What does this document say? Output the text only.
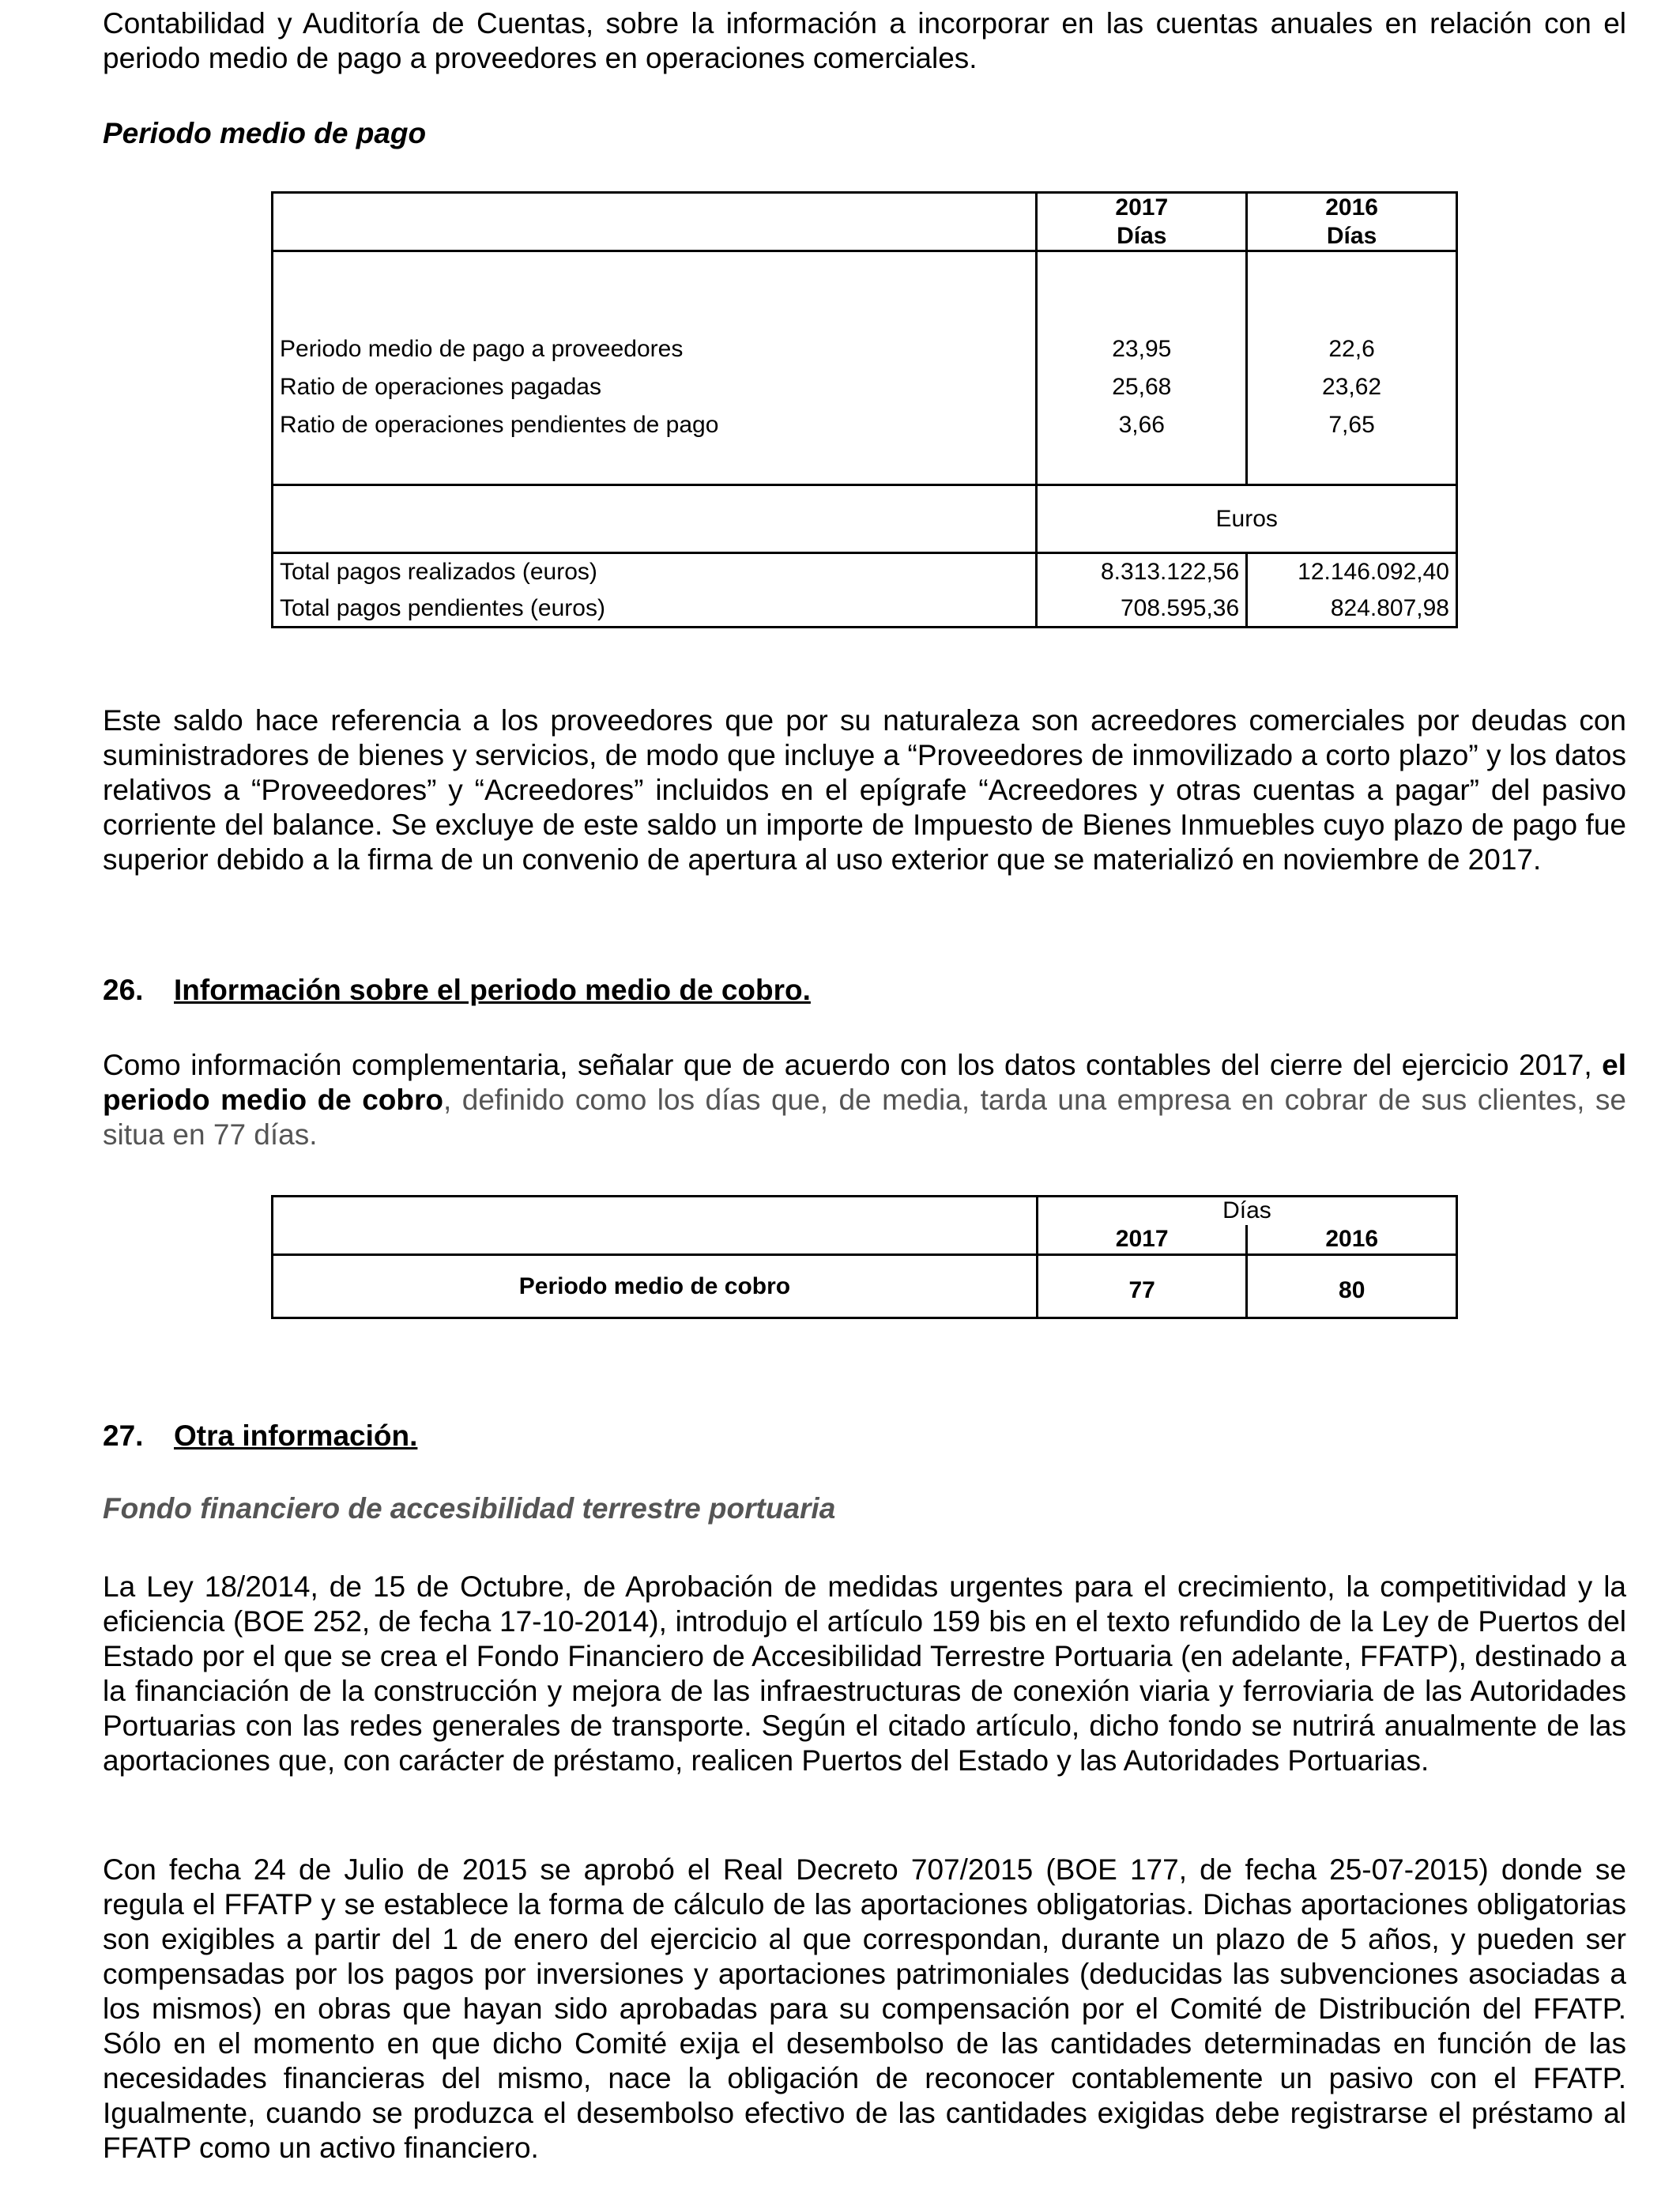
Contabilidad y Auditoría de Cuentas, sobre la información a incorporar en las cuentas anuales en relación con el

periodo medio de pago a proveedores en operaciones comerciales.

Periodo medio de pago

	2017	2016
	Días	Días

Periodo medio de pago a proveedores	23,95	22,6
Ratio de operaciones pagadas	25,68	23,62
Ratio de operaciones pendientes de pago	3,66	7,65

	Euros	
Total pagos realizados (euros)	8.313.122,56	12.146.092,40
Total pagos pendientes (euros)	708.595,36	824.807,98

Este saldo hace referencia a los proveedores que por su naturaleza son acreedores comerciales por deudas con suministradores de bienes y servicios, de modo que incluye a “Proveedores de inmovilizado a corto plazo” y los datos relativos a “Proveedores” y “Acreedores” incluidos en el epígrafe “Acreedores y otras cuentas a pagar” del pasivo corriente del balance. Se excluye de este saldo un importe de Impuesto de Bienes Inmuebles cuyo plazo de pago fue superior debido a la firma de un convenio de apertura al uso exterior que se materializó en noviembre de 2017.

26. Información sobre el periodo medio de cobro.

Como información complementaria, señalar que de acuerdo con los datos contables del cierre del ejercicio 2017, el periodo medio de cobro, definido como los días que, de media, tarda una empresa en cobrar de sus clientes, se situa en 77 días.

	Días	
	2017	2016
Periodo medio de cobro	77	80

27. Otra información.

Fondo financiero de accesibilidad terrestre portuaria

La Ley 18/2014, de 15 de Octubre, de Aprobación de medidas urgentes para el crecimiento, la competitividad y la eficiencia (BOE 252, de fecha 17-10-2014), introdujo el artículo 159 bis en el texto refundido de la Ley de Puertos del Estado por el que se crea el Fondo Financiero de Accesibilidad Terrestre Portuaria (en adelante, FFATP), destinado a la financiación de la construcción y mejora de las infraestructuras de conexión viaria y ferroviaria de las Autoridades Portuarias con las redes generales de transporte. Según el citado artículo, dicho fondo se nutrirá anualmente de las aportaciones que, con carácter de préstamo, realicen Puertos del Estado y las Autoridades Portuarias.

Con fecha 24 de Julio de 2015 se aprobó el Real Decreto 707/2015 (BOE 177, de fecha 25-07-2015) donde se regula el FFATP y se establece la forma de cálculo de las aportaciones obligatorias. Dichas aportaciones obligatorias son exigibles a partir del 1 de enero del ejercicio al que correspondan, durante un plazo de 5 años, y pueden ser compensadas por los pagos por inversiones y aportaciones patrimoniales (deducidas las subvenciones asociadas a los mismos) en obras que hayan sido aprobadas para su compensación por el Comité de Distribución del FFATP. Sólo en el momento en que dicho Comité exija el desembolso de las cantidades determinadas en función de las necesidades financieras del mismo, nace la obligación de reconocer contablemente un pasivo con el FFATP. Igualmente, cuando se produzca el desembolso efectivo de las cantidades exigidas debe registrarse el préstamo al FFATP como un activo financiero.
